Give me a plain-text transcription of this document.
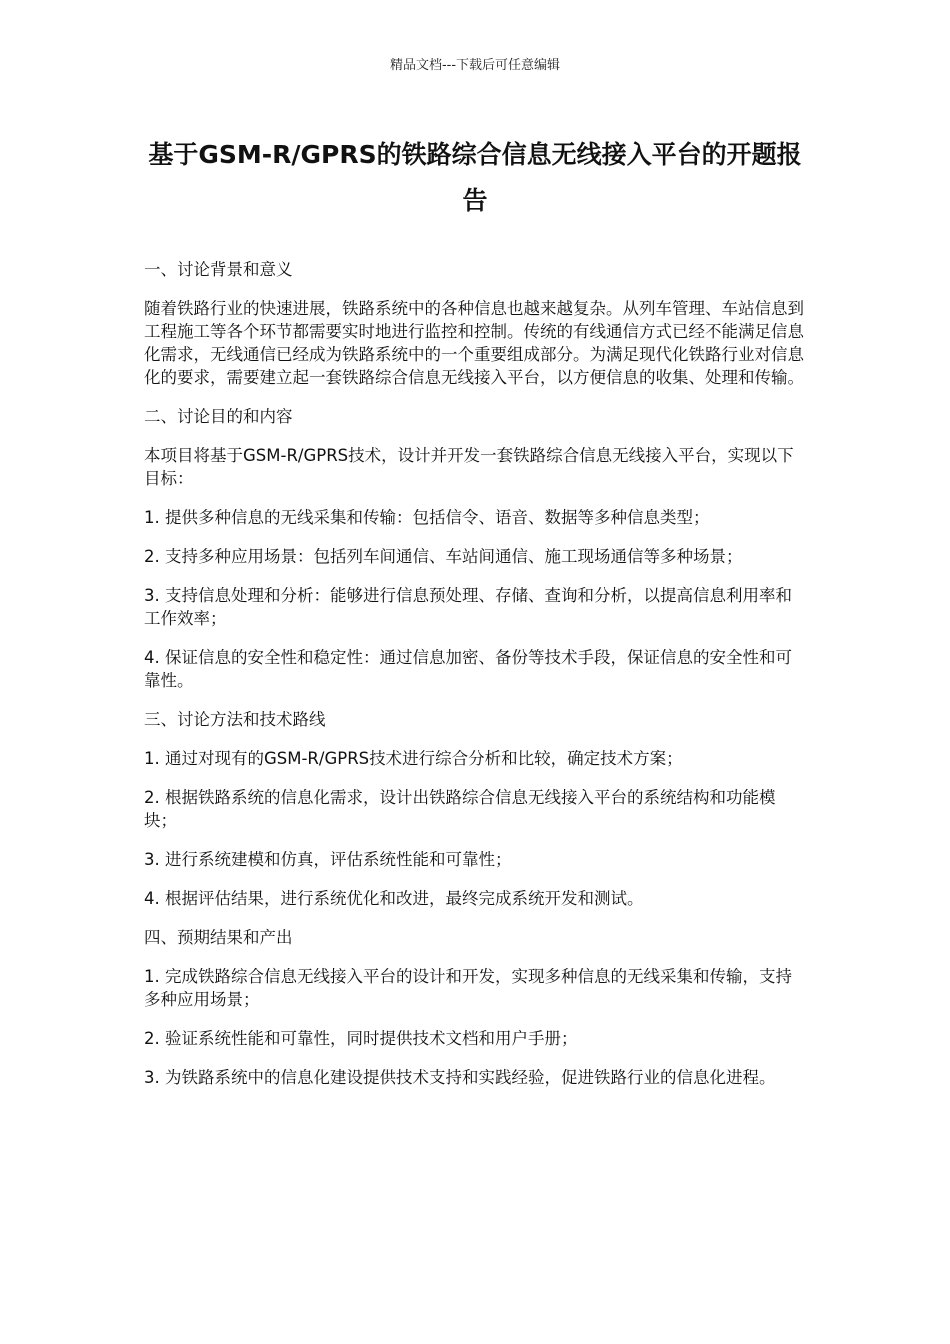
精品文档---下载后可任意编辑
基于GSM-R/GPRS的铁路综合信息无线接入平台的开题报告
一、讨论背景和意义

随着铁路行业的快速进展，铁路系统中的各种信息也越来越复杂。从列车管理、车站信息到工程施工等各个环节都需要实时地进行监控和控制。传统的有线通信方式已经不能满足信息化需求，无线通信已经成为铁路系统中的一个重要组成部分。为满足现代化铁路行业对信息化的要求，需要建立起一套铁路综合信息无线接入平台，以方便信息的收集、处理和传输。

二、讨论目的和内容

本项目将基于GSM-R/GPRS技术，设计并开发一套铁路综合信息无线接入平台，实现以下目标：

1. 提供多种信息的无线采集和传输：包括信令、语音、数据等多种信息类型；

2. 支持多种应用场景：包括列车间通信、车站间通信、施工现场通信等多种场景；

3. 支持信息处理和分析：能够进行信息预处理、存储、查询和分析，以提高信息利用率和工作效率；

4. 保证信息的安全性和稳定性：通过信息加密、备份等技术手段，保证信息的安全性和可靠性。

三、讨论方法和技术路线

1. 通过对现有的GSM-R/GPRS技术进行综合分析和比较，确定技术方案；

2. 根据铁路系统的信息化需求，设计出铁路综合信息无线接入平台的系统结构和功能模块；

3. 进行系统建模和仿真，评估系统性能和可靠性；

4. 根据评估结果，进行系统优化和改进，最终完成系统开发和测试。

四、预期结果和产出

1. 完成铁路综合信息无线接入平台的设计和开发，实现多种信息的无线采集和传输，支持多种应用场景；

2. 验证系统性能和可靠性，同时提供技术文档和用户手册；

3. 为铁路系统中的信息化建设提供技术支持和实践经验，促进铁路行业的信息化进程。
